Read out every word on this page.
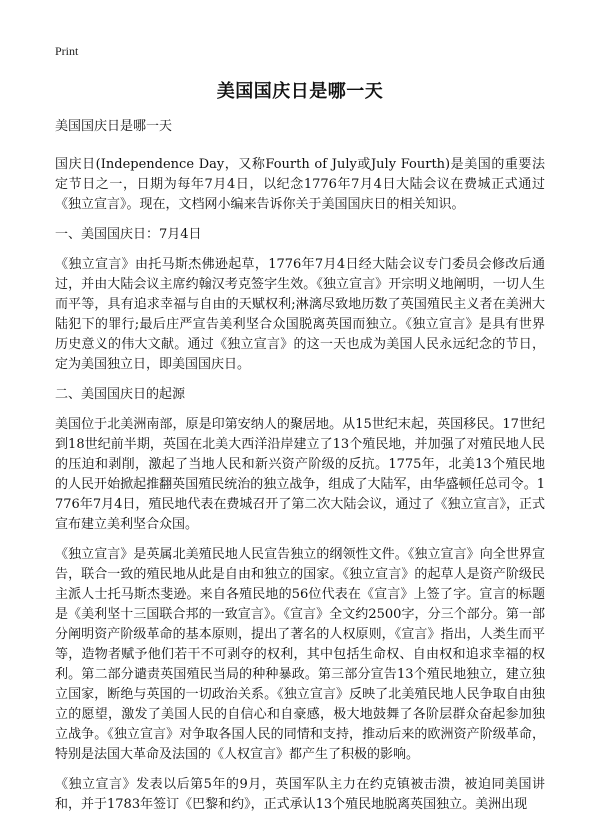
Print
美国国庆日是哪一天

美国国庆日是哪一天

国庆日(Independence Day，又称Fourth of July或July Fourth)是美国的重要法定节日之一，日期为每年7月4日，以纪念1776年7月4日大陆会议在费城正式通过《独立宣言》。现在，文档网小编来告诉你关于美国国庆日的相关知识。

一、美国国庆日：7月4日

《独立宣言》由托马斯杰佛逊起草，1776年7月4日经大陆会议专门委员会修改后通过，并由大陆会议主席约翰汉考克签字生效。《独立宣言》开宗明义地阐明，一切人生而平等，具有追求幸福与自由的天赋权利;淋漓尽致地历数了英国殖民主义者在美洲大陆犯下的罪行;最后庄严宣告美利坚合众国脱离英国而独立。《独立宣言》是具有世界历史意义的伟大文献。通过《独立宣言》的这一天也成为美国人民永远纪念的节日，定为美国独立日，即美国国庆日。

二、美国国庆日的起源

美国位于北美洲南部，原是印第安纳人的聚居地。从15世纪末起，英国移民。17世纪到18世纪前半期，英国在北美大西洋沿岸建立了13个殖民地，并加强了对殖民地人民的压迫和剥削，激起了当地人民和新兴资产阶级的反抗。1775年，北美13个殖民地的人民开始掀起推翻英国殖民统治的独立战争，组成了大陆军，由华盛顿任总司令。1776年7月4日，殖民地代表在费城召开了第二次大陆会议，通过了《独立宣言》，正式宣布建立美利坚合众国。

《独立宣言》是英属北美殖民地人民宣告独立的纲领性文件。《独立宣言》向全世界宣告，联合一致的殖民地从此是自由和独立的国家。《独立宣言》的起草人是资产阶级民主派人士托马斯杰斐逊。来自各殖民地的56位代表在《宣言》上签了字。宣言的标题是《美利坚十三国联合邦的一致宣言》。《宣言》全文约2500字，分三个部分。第一部分阐明资产阶级革命的基本原则，提出了著名的人权原则，《宣言》指出，人类生而平等，造物者赋予他们若干不可剥夺的权利，其中包括生命权、自由权和追求幸福的权利。第二部分谴责英国殖民当局的种种暴政。第三部分宣告13个殖民地独立，建立独立国家，断绝与英国的一切政治关系。《独立宣言》反映了北美殖民地人民争取自由独立的愿望，激发了美国人民的自信心和自豪感，极大地鼓舞了各阶层群众奋起参加独立战争。《独立宣言》对争取各国人民的同情和支持，推动后来的欧洲资产阶级革命，特别是法国大革命及法国的《人权宣言》都产生了积极的影响。

《独立宣言》发表以后第5年的9月，英国军队主力在约克镇被击溃，被迫同美国讲和，并于1783年签订《巴黎和约》，正式承认13个殖民地脱离英国独立。美洲出现
